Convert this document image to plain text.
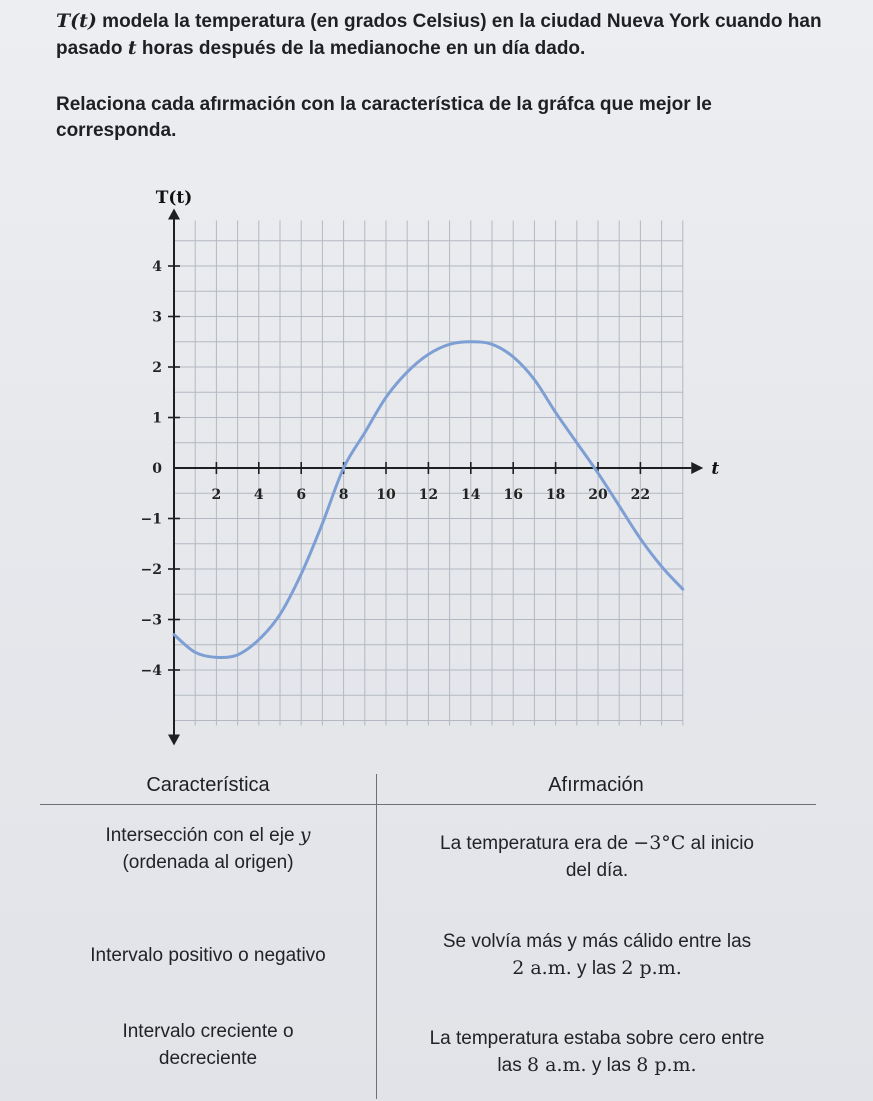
T(t) modela la temperatura (en grados Celsius) en la ciudad Nueva York cuando han pasado t horas después de la medianoche en un día dado.

Relaciona cada afırmación con la característica de la gráfca que mejor le corresponda.

2 4 6 8 10 12 14 16 18 20 22
4
3
2
1
0
−1
−2
−3
−4
T(t)
t
Característica	Afırmación
Intersección con el eje y
(ordenada al origen)
Intervalo positivo o negativo
Intervalo creciente o
decreciente
La temperatura era de −3°C al inicio
del día.
Se volvía más y más cálido entre las
2 a.m. y las 2 p.m.
La temperatura estaba sobre cero entre
las 8 a.m. y las 8 p.m.
